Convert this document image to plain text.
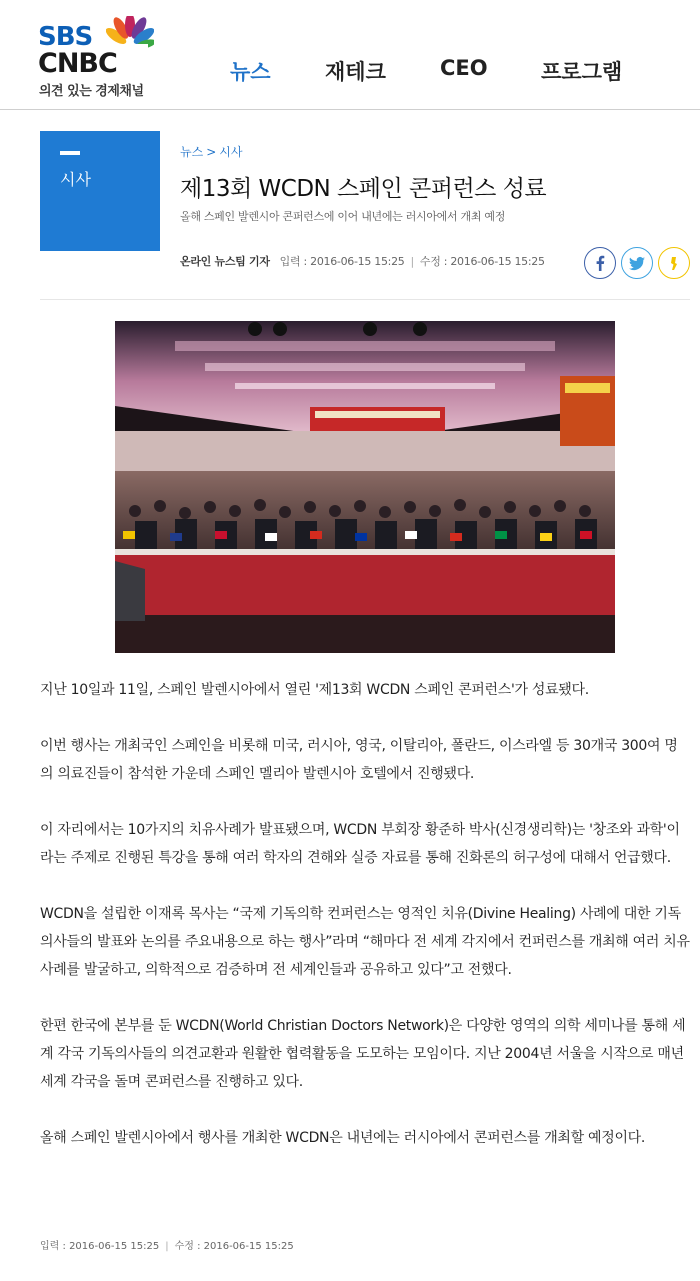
SBS
CNBC
의견 있는 경제채널
뉴스	재테크	CEO	프로그램
시사
뉴스 > 시사
제13회 WCDN 스페인 콘퍼런스 성료
올해 스페인 발렌시아 콘퍼런스에 이어 내년에는 러시아에서 개최 예정
온라인 뉴스팀 기자 입력 : 2016-06-15 15:25 | 수정 : 2016-06-15 15:25

지난 10일과 11일, 스페인 발렌시아에서 열린 '제13회 WCDN 스페인 콘퍼런스'가 성료됐다.

이번 행사는 개최국인 스페인을 비롯해 미국, 러시아, 영국, 이탈리아, 폴란드, 이스라엘 등 30개국 300여 명의 의료진들이 참석한 가운데 스페인 멜리아 발렌시아 호텔에서 진행됐다.

이 자리에서는 10가지의 치유사례가 발표됐으며, WCDN 부회장 황준하 박사(신경생리학)는 '창조와 과학'이라는 주제로 진행된 특강을 통해 여러 학자의 견해와 실증 자료를 통해 진화론의 허구성에 대해서 언급했다.

WCDN을 설립한 이재록 목사는 “국제 기독의학 컨퍼런스는 영적인 치유(Divine Healing) 사례에 대한 기독의사들의 발표와 논의를 주요내용으로 하는 행사”라며 “해마다 전 세계 각지에서 컨퍼런스를 개최해 여러 치유 사례를 발굴하고, 의학적으로 검증하며 전 세계인들과 공유하고 있다”고 전했다.

한편 한국에 본부를 둔 WCDN(World Christian Doctors Network)은 다양한 영역의 의학 세미나를 통해 세계 각국 기독의사들의 의견교환과 원활한 협력활동을 도모하는 모임이다. 지난 2004년 서울을 시작으로 매년 세계 각국을 돌며 콘퍼런스를 진행하고 있다.

올해 스페인 발렌시아에서 행사를 개최한 WCDN은 내년에는 러시아에서 콘퍼런스를 개최할 예정이다.

입력 : 2016-06-15 15:25 | 수정 : 2016-06-15 15:25
